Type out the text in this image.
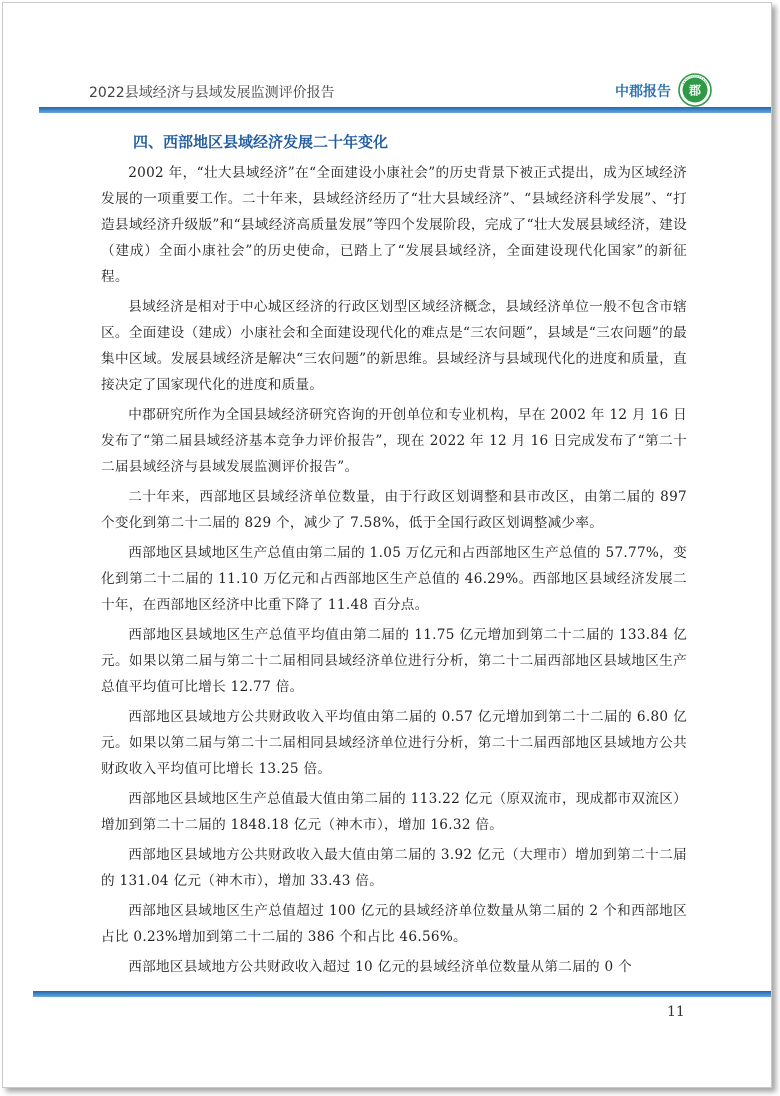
2022县域经济与县域发展监测评价报告	中郡报告 郡
四、西部地区县域经济发展二十年变化

2002 年，“壮大县域经济”在“全面建设小康社会”的历史背景下被正式提出，成为区域经济发展的一项重要工作。二十年来，县域经济经历了“壮大县域经济”、“县域经济科学发展”、“打造县域经济升级版”和“县域经济高质量发展”等四个发展阶段，完成了“壮大发展县域经济，建设（建成）全面小康社会”的历史使命，已踏上了“发展县域经济，全面建设现代化国家”的新征程。

县域经济是相对于中心城区经济的行政区划型区域经济概念，县域经济单位一般不包含市辖区。全面建设（建成）小康社会和全面建设现代化的难点是“三农问题”，县域是“三农问题”的最集中区域。发展县域经济是解决“三农问题”的新思维。县域经济与县域现代化的进度和质量，直接决定了国家现代化的进度和质量。

中郡研究所作为全国县域经济研究咨询的开创单位和专业机构，早在 2002 年 12 月 16 日发布了“第二届县域经济基本竞争力评价报告”，现在 2022 年 12 月 16 日完成发布了“第二十二届县域经济与县域发展监测评价报告”。

二十年来，西部地区县域经济单位数量，由于行政区划调整和县市改区，由第二届的 897 个变化到第二十二届的 829 个，减少了 7.58%，低于全国行政区划调整减少率。

西部地区县域地区生产总值由第二届的 1.05 万亿元和占西部地区生产总值的 57.77%，变化到第二十二届的 11.10 万亿元和占西部地区生产总值的 46.29%。西部地区县域经济发展二十年，在西部地区经济中比重下降了 11.48 百分点。

西部地区县域地区生产总值平均值由第二届的 11.75 亿元增加到第二十二届的 133.84 亿元。如果以第二届与第二十二届相同县域经济单位进行分析，第二十二届西部地区县域地区生产总值平均值可比增长 12.77 倍。

西部地区县域地方公共财政收入平均值由第二届的 0.57 亿元增加到第二十二届的 6.80 亿元。如果以第二届与第二十二届相同县域经济单位进行分析，第二十二届西部地区县域地方公共财政收入平均值可比增长 13.25 倍。

西部地区县域地区生产总值最大值由第二届的 113.22 亿元（原双流市，现成都市双流区）增加到第二十二届的 1848.18 亿元（神木市），增加 16.32 倍。

西部地区县域地方公共财政收入最大值由第二届的 3.92 亿元（大理市）增加到第二十二届的 131.04 亿元（神木市），增加 33.43 倍。

西部地区县域地区生产总值超过 100 亿元的县域经济单位数量从第二届的 2 个和西部地区占比 0.23%增加到第二十二届的 386 个和占比 46.56%。

西部地区县域地方公共财政收入超过 10 亿元的县域经济单位数量从第二届的 0 个

11
